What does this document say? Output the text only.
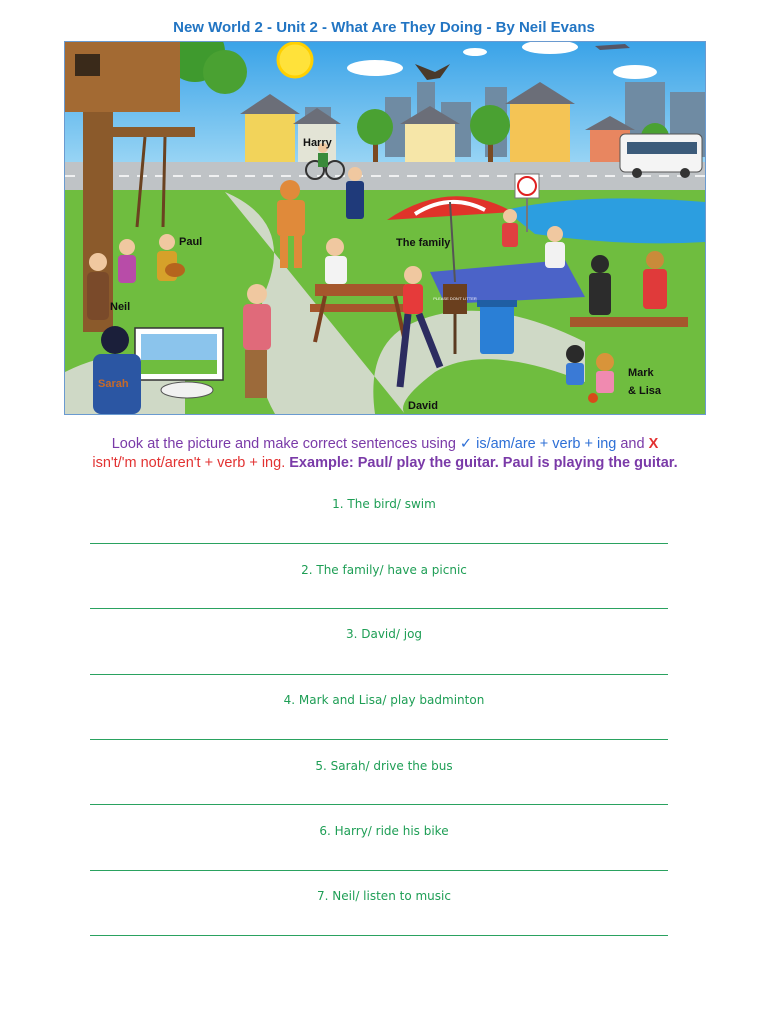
New World 2 - Unit 2 - What Are They Doing - By Neil Evans
PLEASE DON'T LITTER
Harry
Paul	The family
Neil
Sarah
Mark
& Lisa
David
Look at the picture and make correct sentences using ✓ is/am/are + verb + ing and X
isn't/'m not/aren't + verb + ing. Example: Paul/ play the guitar. Paul is playing the guitar.
1. The bird/ swim
2. The family/ have a picnic
3. David/ jog
4. Mark and Lisa/ play badminton
5. Sarah/ drive the bus
6. Harry/ ride his bike
7. Neil/ listen to music
